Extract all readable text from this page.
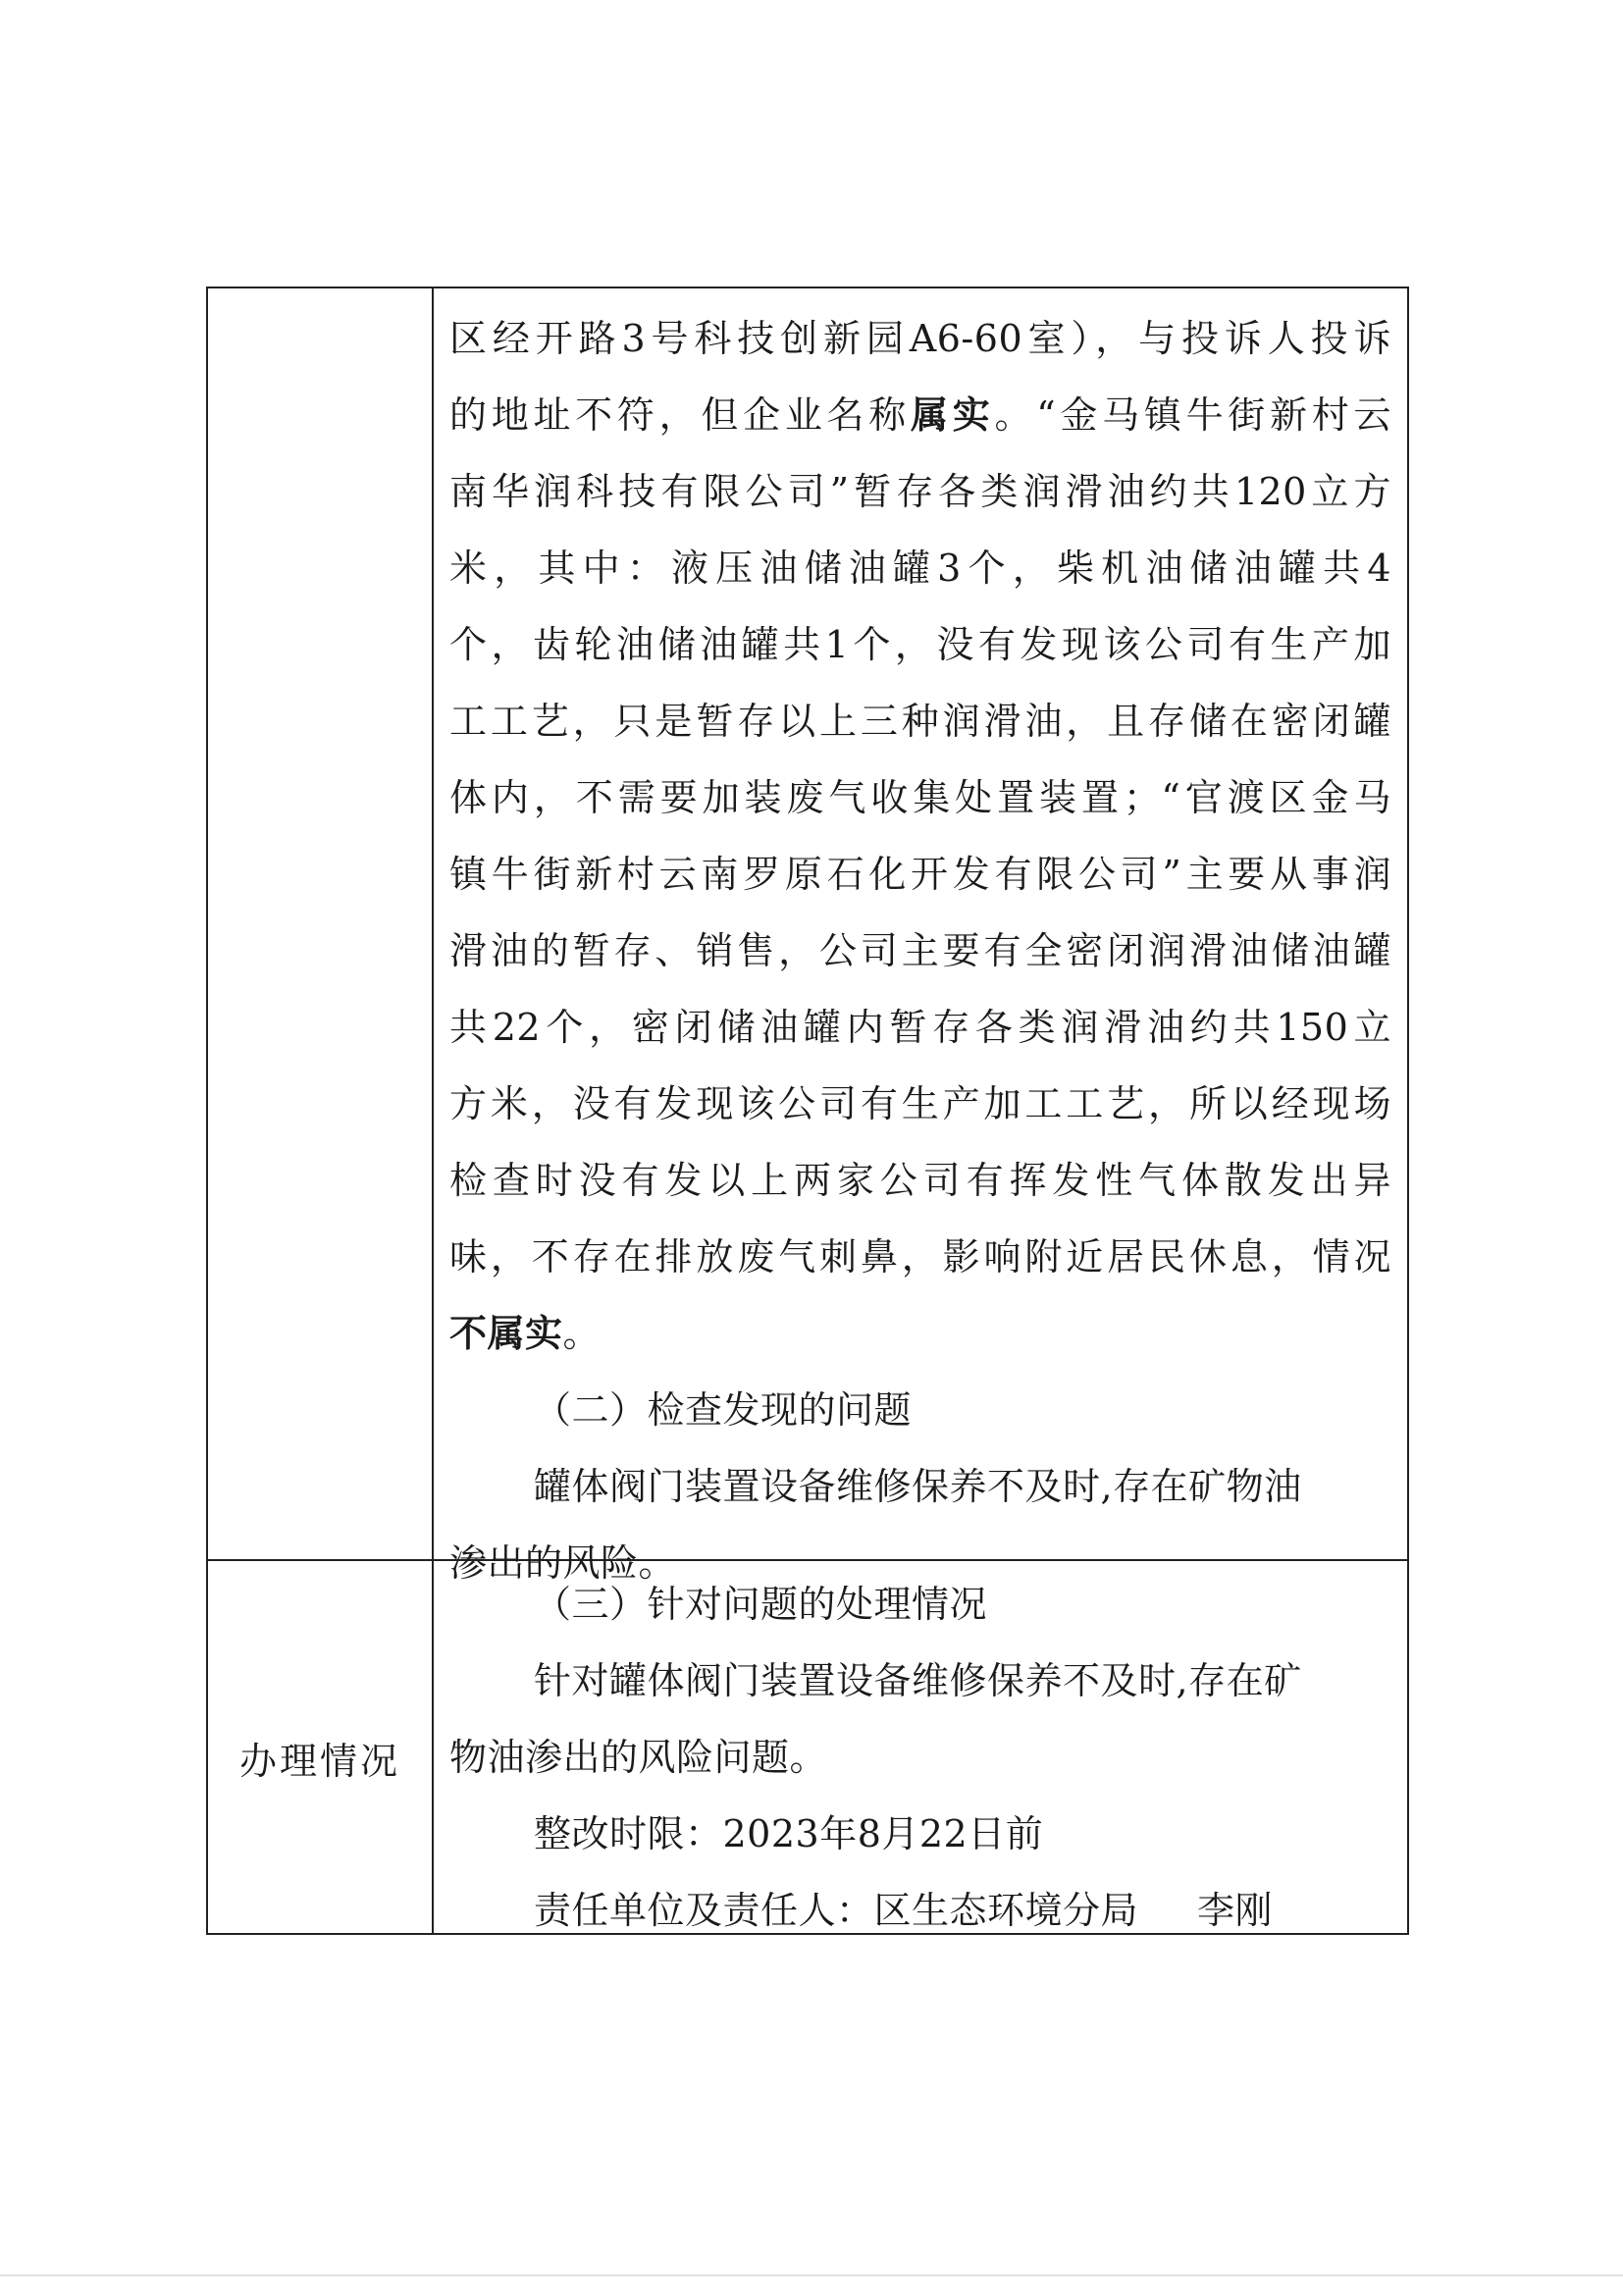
区经开路3号科技创新园A6-60室），与投诉人投诉

的地址不符，但企业名称属实。“金马镇牛街新村云

南华润科技有限公司”暂存各类润滑油约共120立方

米，其中：液压油储油罐3个，柴机油储油罐共4

个，齿轮油储油罐共1个，没有发现该公司有生产加

工工艺，只是暂存以上三种润滑油，且存储在密闭罐

体内，不需要加装废气收集处置装置；“官渡区金马

镇牛街新村云南罗原石化开发有限公司”主要从事润

滑油的暂存、销售，公司主要有全密闭润滑油储油罐

共22个，密闭储油罐内暂存各类润滑油约共150立

方米，没有发现该公司有生产加工工艺，所以经现场

检查时没有发以上两家公司有挥发性气体散发出异

味，不存在排放废气刺鼻，影响附近居民休息，情况

不属实。

（二）检查发现的问题

罐体阀门装置设备维修保养不及时,存在矿物油

渗出的风险。

办理情况

（三）针对问题的处理情况

针对罐体阀门装置设备维修保养不及时,存在矿

物油渗出的风险问题。

整改时限：2023年8月22日前

责任单位及责任人：区生态环境分局 李刚
